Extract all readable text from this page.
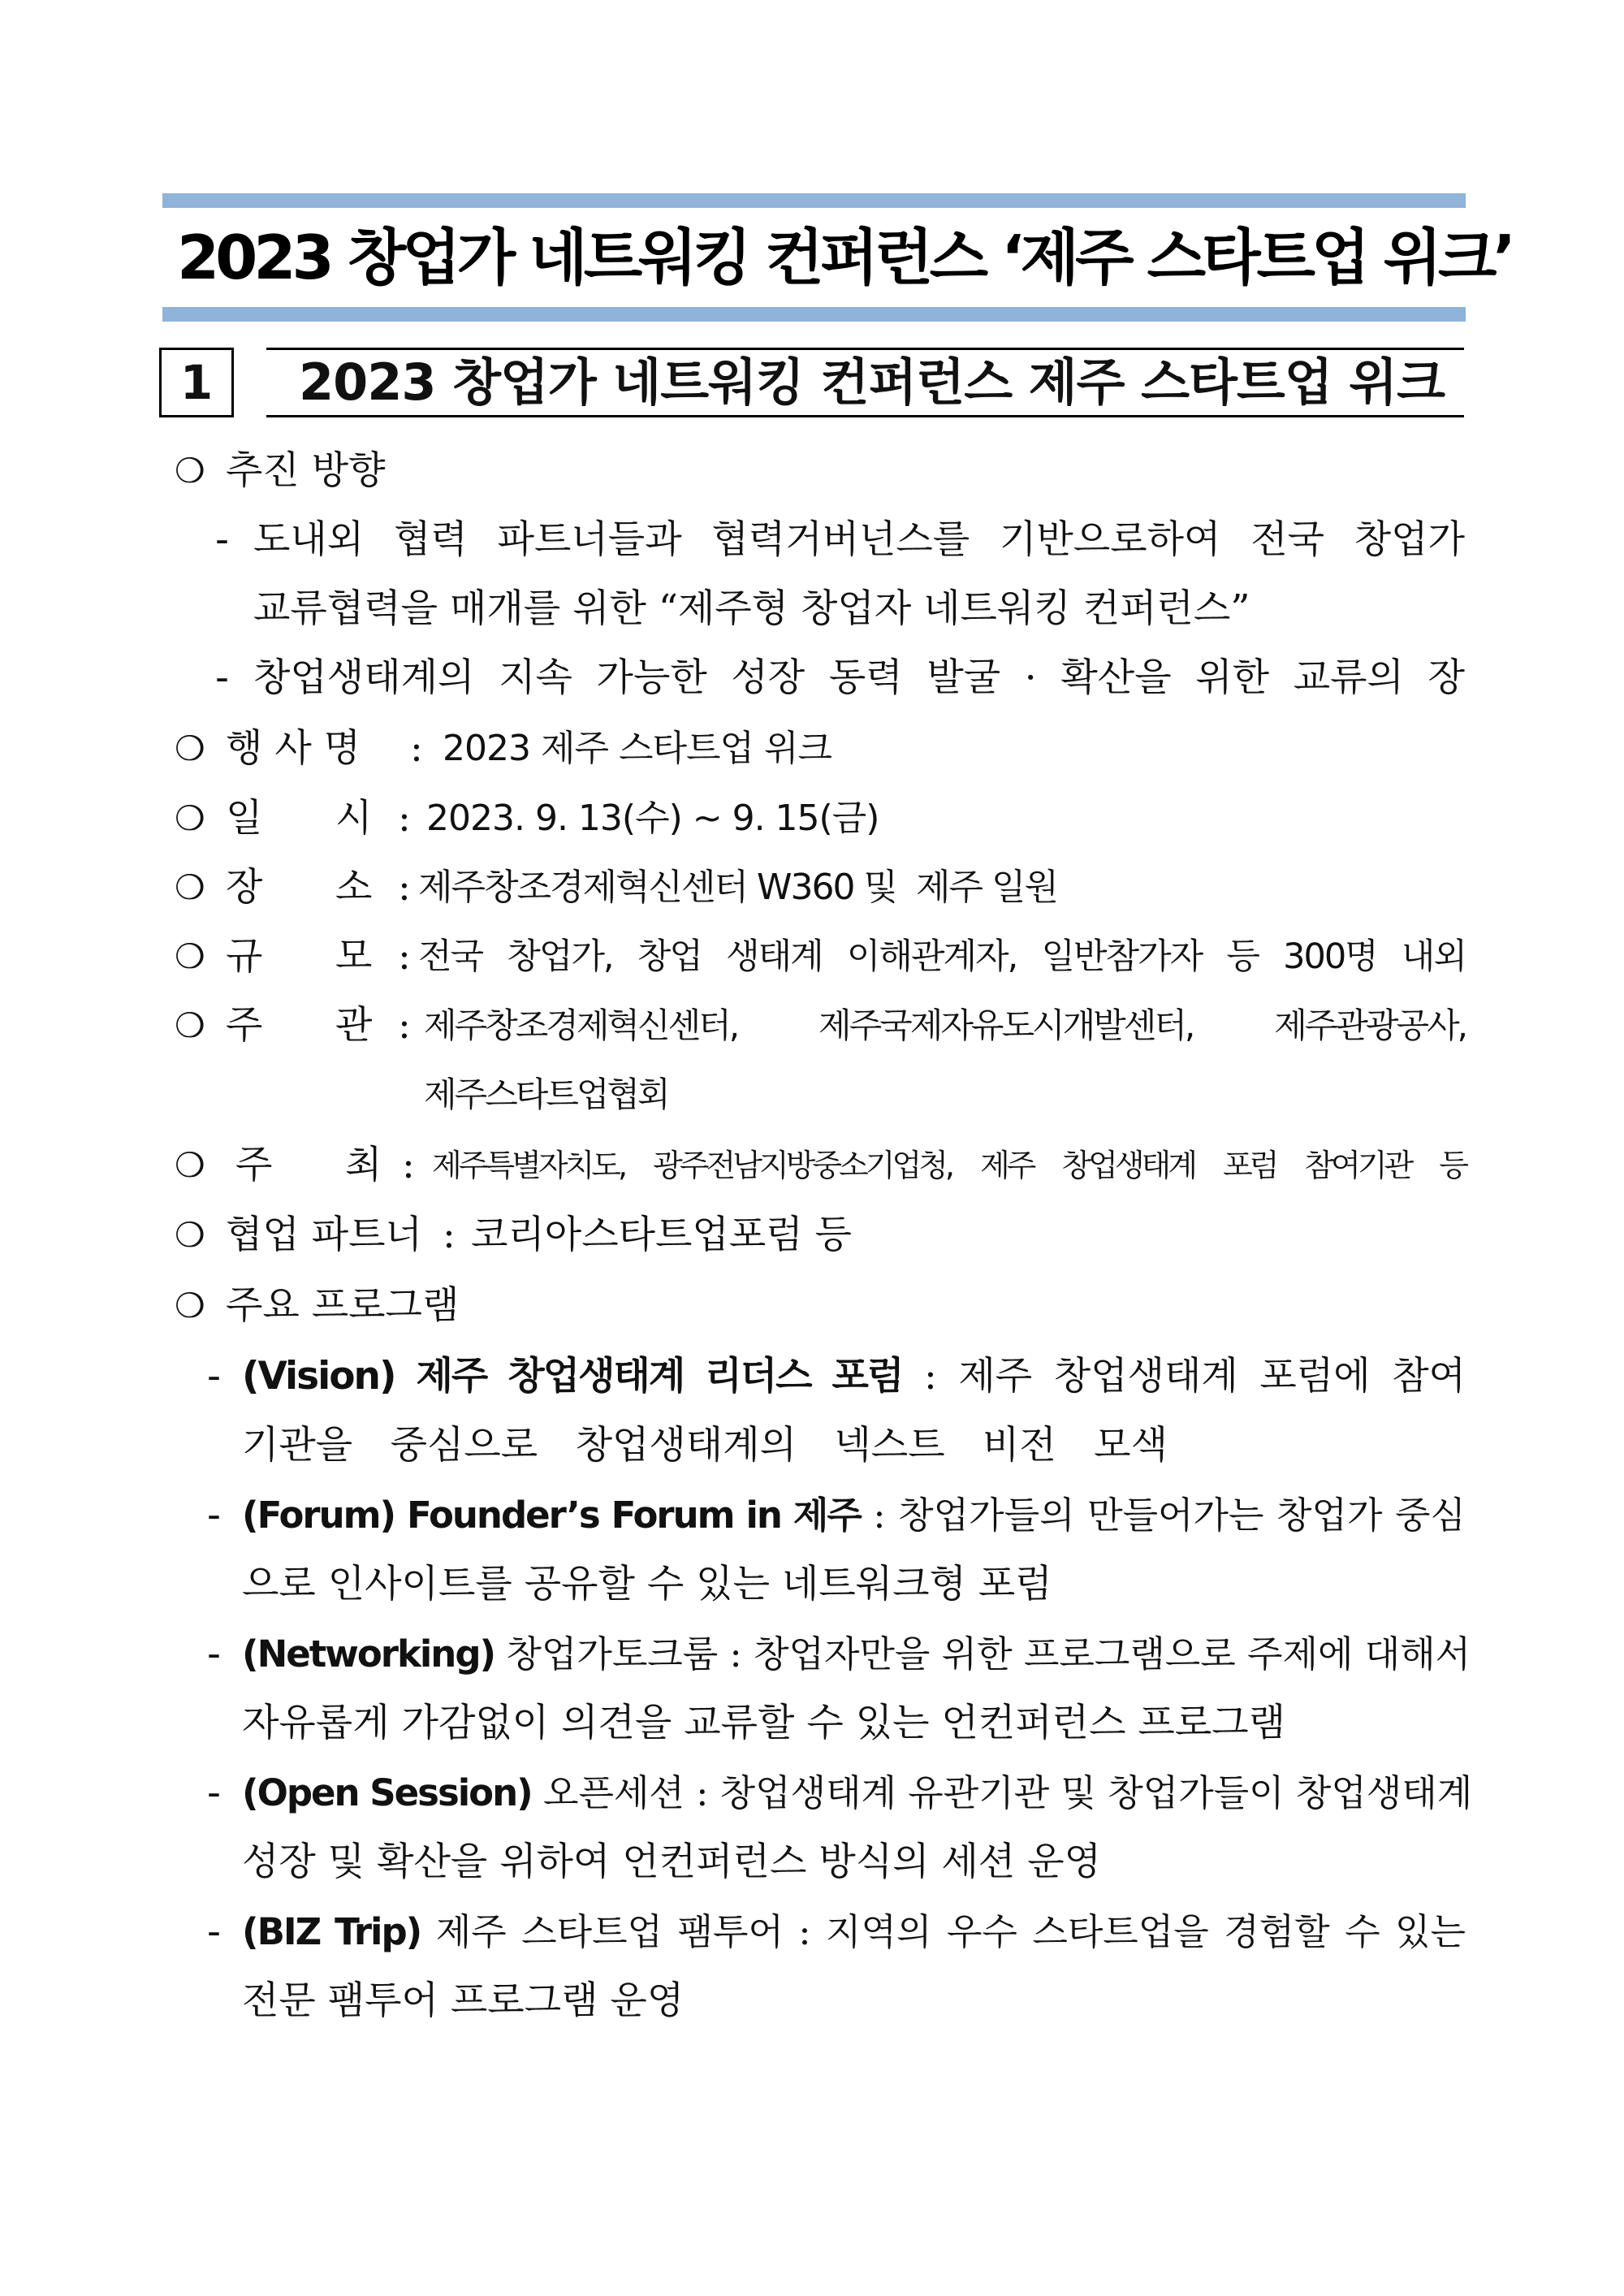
2023 창업가 네트워킹 컨퍼런스 ‘제주 스타트업 위크’
1	2023 창업가 네트워킹 컨퍼런스 제주 스타트업 위크
❍ 추진 방향
- 도내외 협력 파트너들과 협력거버넌스를 기반으로하여 전국 창업가
교류협력을 매개를 위한 “제주형 창업자 네트워킹 컨퍼런스”
- 창업생태계의 지속 가능한 성장 동력 발굴 · 확산을 위한 교류의 장
❍ 행 사 명 : 2023 제주 스타트업 위크
❍ 일      시 : 2023. 9. 13(수) ~ 9. 15(금)
❍ 장      소 : 제주창조경제혁신센터 W360 및  제주 일원
❍ 규      모 : 전국 창업가, 창업 생태계 이해관계자, 일반참가자 등 300명 내외
❍ 주      관 : 제주창조경제혁신센터, 제주국제자유도시개발센터, 제주관광공사,
제주스타트업협회
❍ 주      최 : 제주특별자치도, 광주전남지방중소기업청, 제주 창업생태계 포럼 참여기관 등
❍ 협업 파트너 : 코리아스타트업포럼 등
❍ 주요 프로그램
- (Vision) 제주 창업생태계 리더스 포럼 : 제주 창업생태계 포럼에 참여
기관을 중심으로 창업생태계의 넥스트 비전 모색
- (Forum) Founder’s Forum in 제주 : 창업가들의 만들어가는 창업가 중심
으로 인사이트를 공유할 수 있는 네트워크형 포럼
- (Networking) 창업가토크룸 : 창업자만을 위한 프로그램으로 주제에 대해서
자유롭게 가감없이 의견을 교류할 수 있는 언컨퍼런스 프로그램
- (Open Session) 오픈세션 : 창업생태계 유관기관 및 창업가들이 창업생태계
성장 및 확산을 위하여 언컨퍼런스 방식의 세션 운영
- (BIZ Trip) 제주 스타트업 팸투어 : 지역의 우수 스타트업을 경험할 수 있는
전문 팸투어 프로그램 운영
